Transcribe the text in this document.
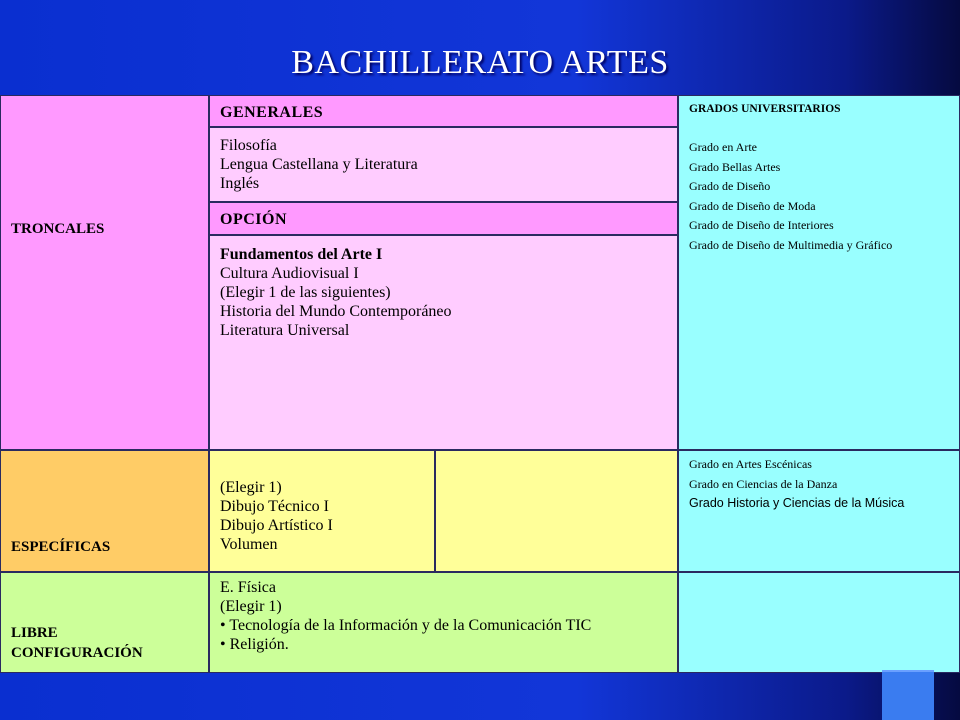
BACHILLERATO ARTES
TRONCALES
GENERALES
Filosofía
Lengua Castellana y Literatura
Inglés
OPCIÓN
Fundamentos del Arte I
Cultura Audiovisual I
(Elegir 1 de las siguientes)
Historia del Mundo Contemporáneo
Literatura Universal
GRADOS UNIVERSITARIOS
Grado en Arte
Grado Bellas Artes
Grado de Diseño
Grado de Diseño de Moda
Grado de Diseño de Interiores
Grado de Diseño de Multimedia y Gráfico
ESPECÍFICAS
(Elegir 1)
Dibujo Técnico I
Dibujo Artístico I
Volumen
Grado en Artes Escénicas
Grado en Ciencias de la Danza
Grado Historia y Ciencias de la Música
LIBRE
CONFIGURACIÓN
E. Física
(Elegir 1)
• Tecnología de la Información y de la Comunicación TIC
• Religión.
